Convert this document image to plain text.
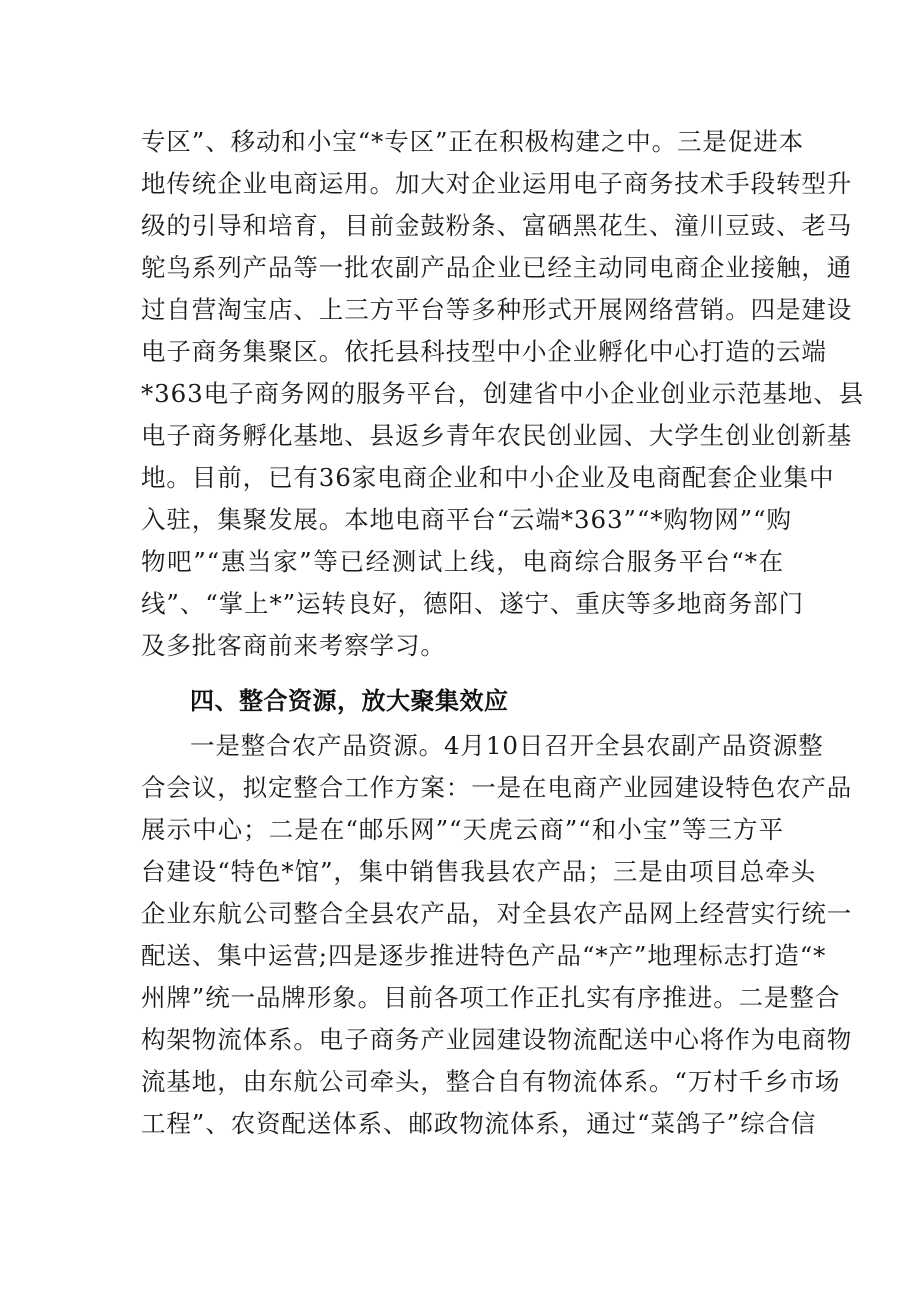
专区”、移动和小宝“*专区”正在积极构建之中。三是促进本
地传统企业电商运用。加大对企业运用电子商务技术手段转型升
级的引导和培育，目前金鼓粉条、富硒黑花生、潼川豆豉、老马
鸵鸟系列产品等一批农副产品企业已经主动同电商企业接触，通
过自营淘宝店、上三方平台等多种形式开展网络营销。四是建设
电子商务集聚区。依托县科技型中小企业孵化中心打造的云端
*363电子商务网的服务平台，创建省中小企业创业示范基地、县
电子商务孵化基地、县返乡青年农民创业园、大学生创业创新基
地。目前，已有36家电商企业和中小企业及电商配套企业集中
入驻，集聚发展。本地电商平台“云端*363”“*购物网”“购
物吧”“惠当家”等已经测试上线，电商综合服务平台“*在
线”、“掌上*”运转良好，德阳、遂宁、重庆等多地商务部门
及多批客商前来考察学习。
四、整合资源，放大聚集效应
一是整合农产品资源。4月10日召开全县农副产品资源整
合会议，拟定整合工作方案：一是在电商产业园建设特色农产品
展示中心；二是在“邮乐网”“天虎云商”“和小宝”等三方平
台建设“特色*馆”，集中销售我县农产品；三是由项目总牵头
企业东航公司整合全县农产品，对全县农产品网上经营实行统一
配送、集中运营;四是逐步推进特色产品“*产”地理标志打造“*
州牌”统一品牌形象。目前各项工作正扎实有序推进。二是整合
构架物流体系。电子商务产业园建设物流配送中心将作为电商物
流基地，由东航公司牵头，整合自有物流体系。“万村千乡市场
工程”、农资配送体系、邮政物流体系，通过“菜鸽子”综合信
